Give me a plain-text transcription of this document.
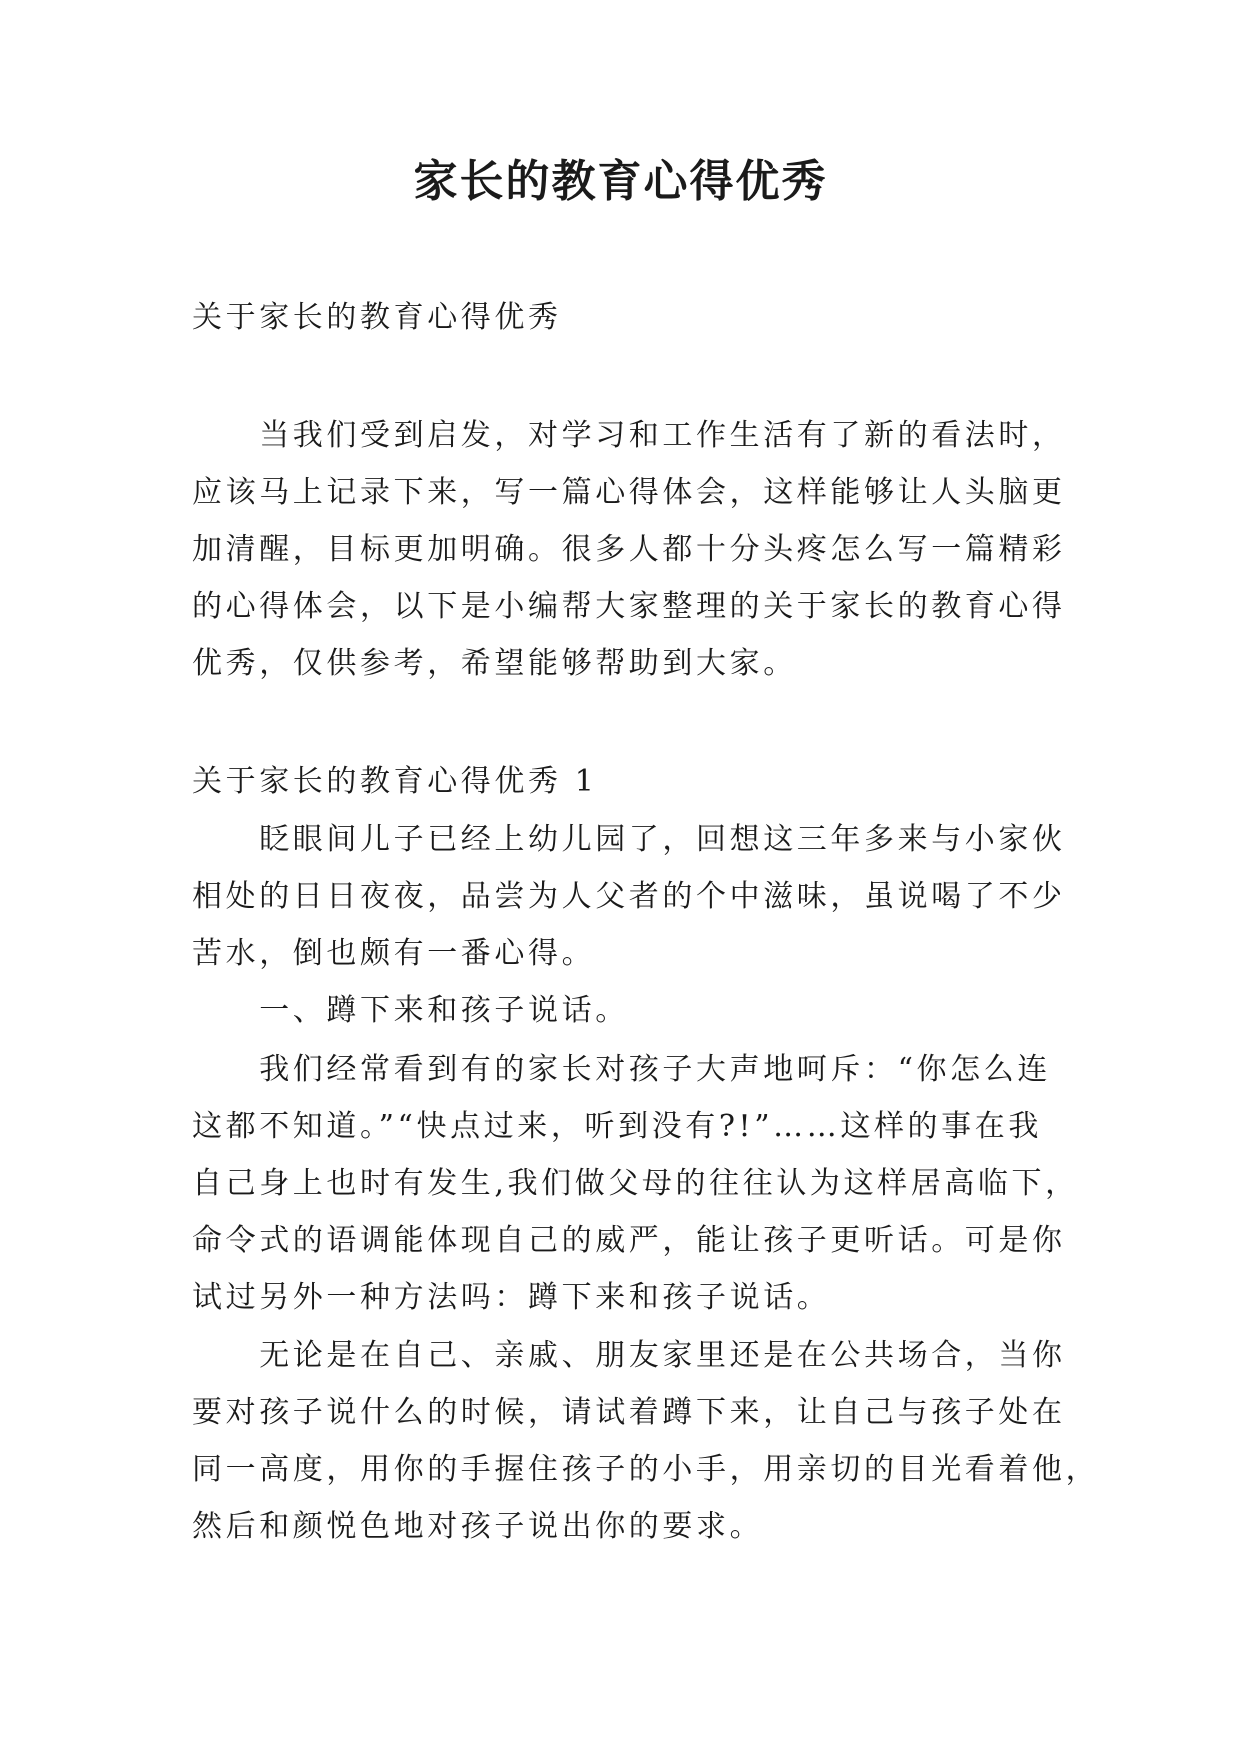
家长的教育心得优秀
关于家长的教育心得优秀
　　当我们受到启发，对学习和工作生活有了新的看法时，
应该马上记录下来，写一篇心得体会，这样能够让人头脑更
加清醒，目标更加明确。很多人都十分头疼怎么写一篇精彩
的心得体会，以下是小编帮大家整理的关于家长的教育心得
优秀，仅供参考，希望能够帮助到大家。
关于家长的教育心得优秀 1
　　眨眼间儿子已经上幼儿园了，回想这三年多来与小家伙
相处的日日夜夜，品尝为人父者的个中滋味，虽说喝了不少
苦水，倒也颇有一番心得。
　　一、蹲下来和孩子说话。
　　我们经常看到有的家长对孩子大声地呵斥：“你怎么连
这都不知道。”“快点过来，听到没有?!”……这样的事在我
自己身上也时有发生,我们做父母的往往认为这样居高临下，
命令式的语调能体现自己的威严，能让孩子更听话。可是你
试过另外一种方法吗：蹲下来和孩子说话。
　　无论是在自己、亲戚、朋友家里还是在公共场合，当你
要对孩子说什么的时候，请试着蹲下来，让自己与孩子处在
同一高度，用你的手握住孩子的小手，用亲切的目光看着他，
然后和颜悦色地对孩子说出你的要求。
